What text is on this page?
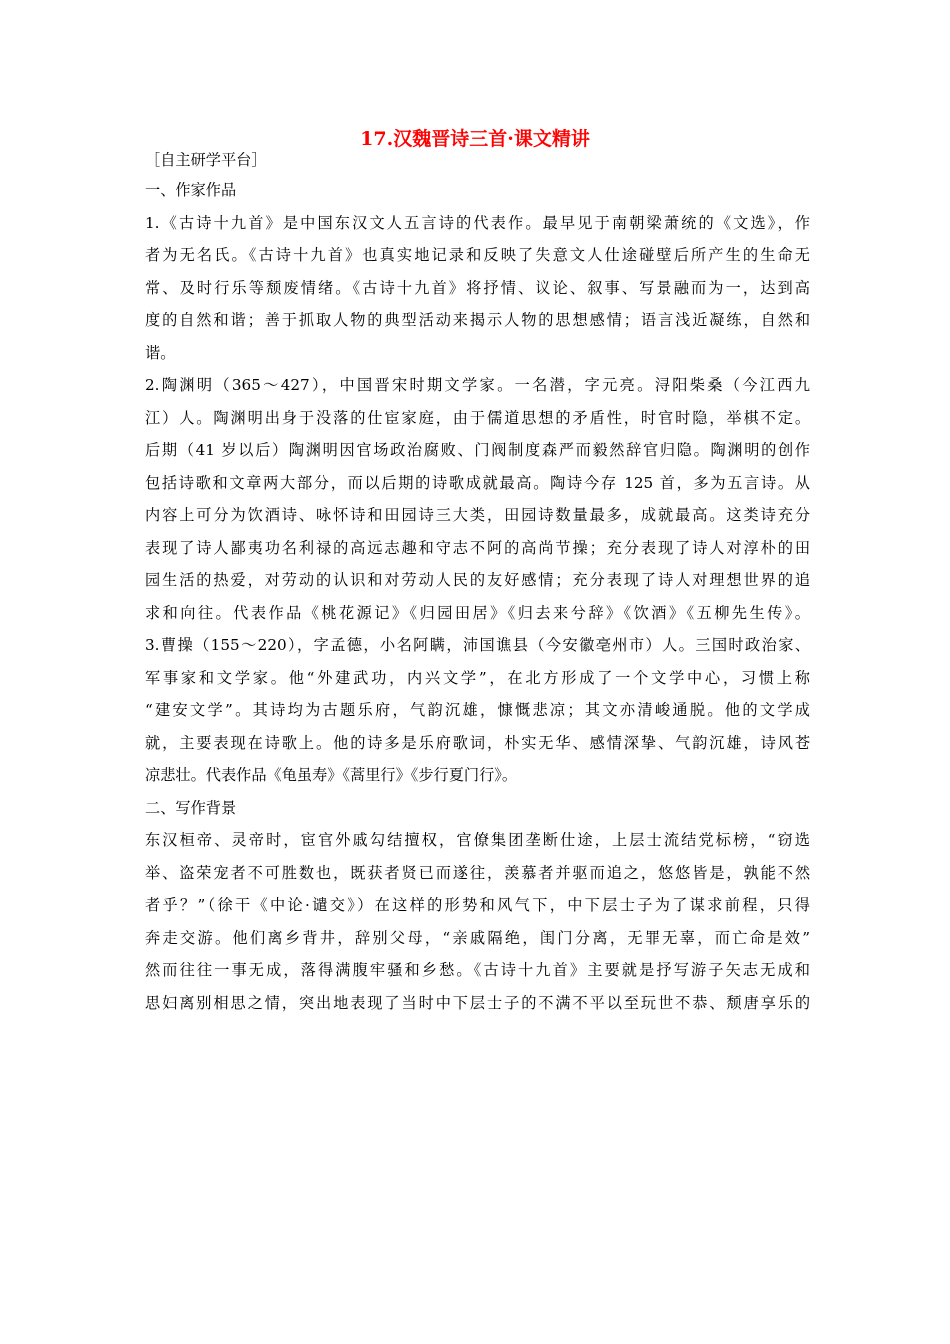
17.汉魏晋诗三首·课文精讲
［自主研学平台］
一、作家作品
1.《古诗十九首》是中国东汉文人五言诗的代表作。最早见于南朝梁萧统的《文选》，作
者为无名氏。《古诗十九首》也真实地记录和反映了失意文人仕途碰壁后所产生的生命无
常、及时行乐等颓废情绪。《古诗十九首》将抒情、议论、叙事、写景融而为一，达到高
度的自然和谐；善于抓取人物的典型活动来揭示人物的思想感情；语言浅近凝练，自然和
谐。
2.陶渊明（365～427），中国晋宋时期文学家。一名潜，字元亮。浔阳柴桑（今江西九
江）人。陶渊明出身于没落的仕宦家庭，由于儒道思想的矛盾性，时官时隐，举棋不定。
后期（41 岁以后）陶渊明因官场政治腐败、门阀制度森严而毅然辞官归隐。陶渊明的创作
包括诗歌和文章两大部分，而以后期的诗歌成就最高。陶诗今存 125 首，多为五言诗。从
内容上可分为饮酒诗、咏怀诗和田园诗三大类，田园诗数量最多，成就最高。这类诗充分
表现了诗人鄙夷功名利禄的高远志趣和守志不阿的高尚节操；充分表现了诗人对淳朴的田
园生活的热爱，对劳动的认识和对劳动人民的友好感情；充分表现了诗人对理想世界的追
求和向往。代表作品《桃花源记》《归园田居》《归去来兮辞》《饮酒》《五柳先生传》。
3.曹操（155～220），字孟德，小名阿瞒，沛国谯县（今安徽亳州市）人。三国时政治家、
军事家和文学家。他“外建武功，内兴文学”，在北方形成了一个文学中心，习惯上称
“建安文学”。其诗均为古题乐府，气韵沉雄，慷慨悲凉；其文亦清峻通脱。他的文学成
就，主要表现在诗歌上。他的诗多是乐府歌词，朴实无华、感情深挚、气韵沉雄，诗风苍
凉悲壮。代表作品《龟虽寿》《蒿里行》《步行夏门行》。
二、写作背景
东汉桓帝、灵帝时，宦官外戚勾结擅权，官僚集团垄断仕途，上层士流结党标榜，“窃选
举、盗荣宠者不可胜数也，既获者贤已而遂往，羡慕者并驱而追之，悠悠皆是，孰能不然
者乎？”（徐干《中论·谴交》）在这样的形势和风气下，中下层士子为了谋求前程，只得
奔走交游。他们离乡背井，辞别父母，“亲戚隔绝，闺门分离，无罪无辜，而亡命是效”
然而往往一事无成，落得满腹牢骚和乡愁。《古诗十九首》主要就是抒写游子矢志无成和
思妇离别相思之情，突出地表现了当时中下层士子的不满不平以至玩世不恭、颓唐享乐的
